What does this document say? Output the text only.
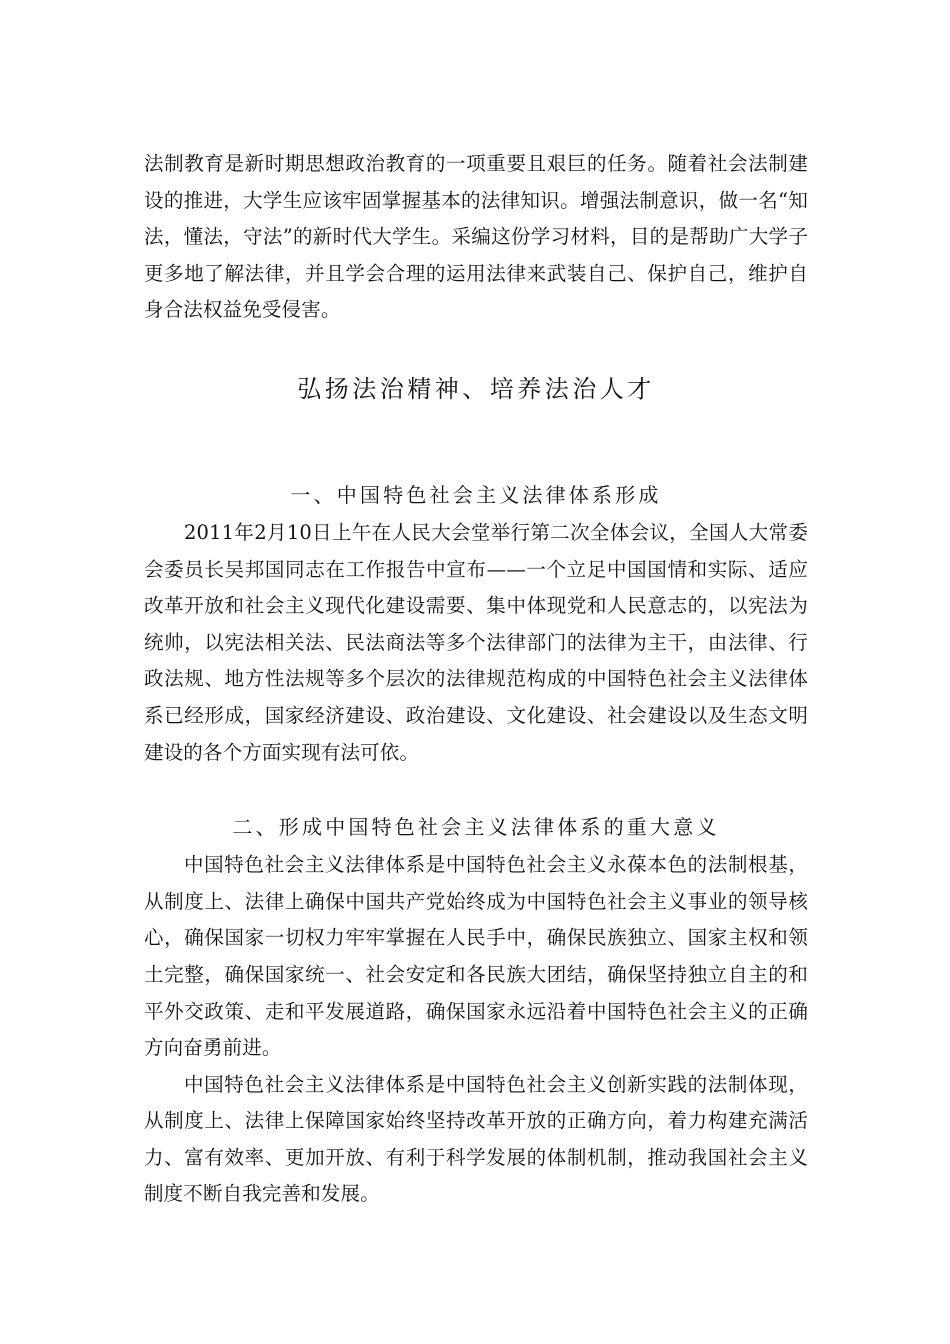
法制教育是新时期思想政治教育的一项重要且艰巨的任务。随着社会法制建设的推进，大学生应该牢固掌握基本的法律知识。增强法制意识，做一名“知法，懂法，守法”的新时代大学生。采编这份学习材料，目的是帮助广大学子更多地了解法律，并且学会合理的运用法律来武装自己、保护自己，维护自身合法权益免受侵害。

弘扬法治精神、培养法治人才
一、中国特色社会主义法律体系形成

2011年2月10日上午在人民大会堂举行第二次全体会议，全国人大常委会委员长吴邦国同志在工作报告中宣布——一个立足中国国情和实际、适应改革开放和社会主义现代化建设需要、集中体现党和人民意志的，以宪法为统帅，以宪法相关法、民法商法等多个法律部门的法律为主干，由法律、行政法规、地方性法规等多个层次的法律规范构成的中国特色社会主义法律体系已经形成，国家经济建设、政治建设、文化建设、社会建设以及生态文明建设的各个方面实现有法可依。

二、形成中国特色社会主义法律体系的重大意义

中国特色社会主义法律体系是中国特色社会主义永葆本色的法制根基，从制度上、法律上确保中国共产党始终成为中国特色社会主义事业的领导核心，确保国家一切权力牢牢掌握在人民手中，确保民族独立、国家主权和领土完整，确保国家统一、社会安定和各民族大团结，确保坚持独立自主的和平外交政策、走和平发展道路，确保国家永远沿着中国特色社会主义的正确方向奋勇前进。

中国特色社会主义法律体系是中国特色社会主义创新实践的法制体现，从制度上、法律上保障国家始终坚持改革开放的正确方向，着力构建充满活力、富有效率、更加开放、有利于科学发展的体制机制，推动我国社会主义制度不断自我完善和发展。
